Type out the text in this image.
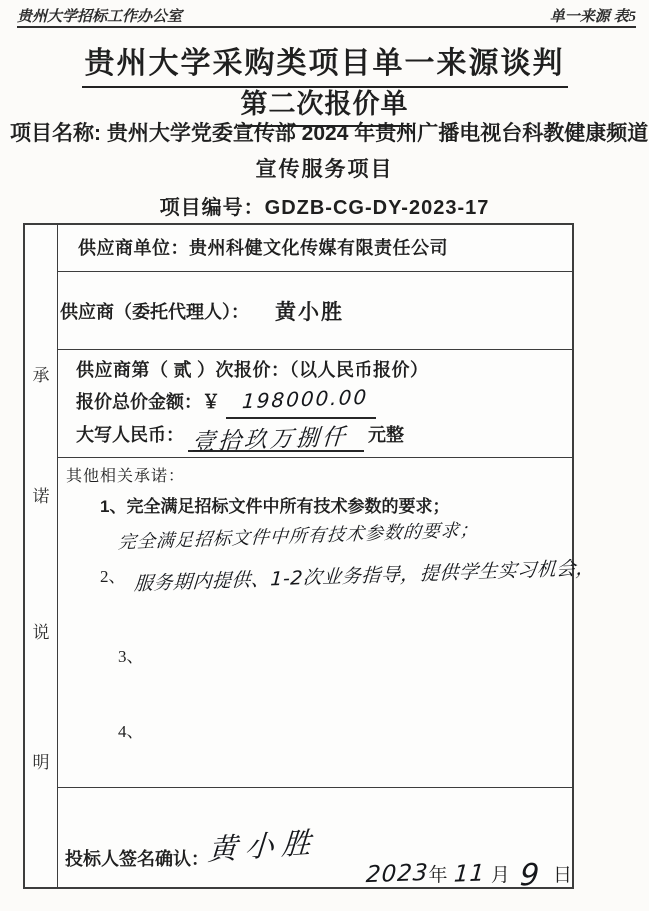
贵州大学招标工作办公室	单一来源 表5
贵州大学采购类项目单一来源谈判
第二次报价单
项目名称: 贵州大学党委宣传部 2024 年贵州广播电视台科教健康频道
宣传服务项目
项目编号：GDZB-CG-DY-2023-17
承
诺
说
明
供应商单位：贵州科健文化传媒有限责任公司
供应商（委托代理人）： 黄小胜
供应商第（ 贰 ）次报价：（以人民币报价）
报价总价金额：￥ 198000.00
大写人民币： 壹拾玖万捌仟 元整
其他相关承诺：
1、完全满足招标文件中所有技术参数的要求；
完全满足招标文件中所有技术参数的要求；
2、 服务期内提供、1-2次业务指导，提供学生实习机会，
3、
4、
投标人签名确认：
黄小胜
2023 年 11 月 9 日
